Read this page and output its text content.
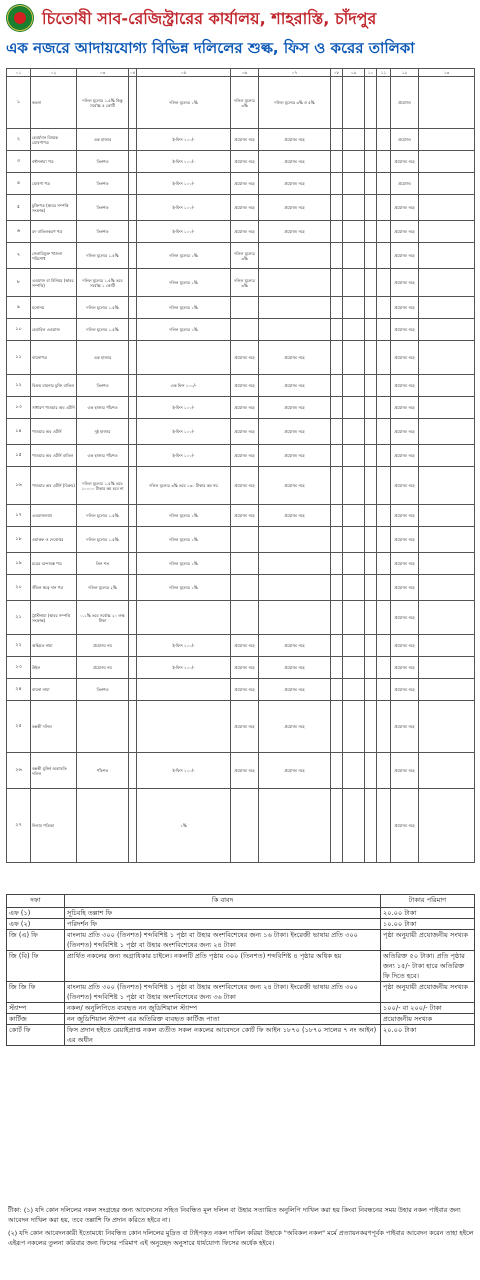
চিতোষী সাব-রেজিস্ট্রারের কার্যালয়, শাহরাস্তি, চাঁদপুর
এক নজরে আদায়যোগ্য বিভিন্ন দলিলের শুল্ক, ফিস ও করের তালিকা
০১	০২	০৩	০৪	০৫	০৬	০৭	০৮	০৯	১০	১১	১২	১৩
১	কবলা	দলিল মূল্যের ১.৫% কিন্তু সর্বোচ্চ ৫ কোটি		দলিল মূল্যের ১%	দলিল মূল্যের ৩%	দলিল মূল্যের ৩% ও ৫%					প্রযোজ্য	
২	হেবা/দান বিষয়ক ঘোষণাপত্র	এক হাজার		ই-ফিস ১০০/-	প্রযোজ্য নহে	প্রযোজ্য নহে					প্রযোজ্য	
৩	বন্টননামা পত্র	তিনশত		ই-ফিস ১০০/-	প্রযোজ্য নহে	প্রযোজ্য নহে					প্রযোজ্য নহে	
৪	ঘোষণা পত্র	তিনশত		ই-ফিস ১০০/-	প্রযোজ্য নহে	প্রযোজ্য নহে					প্রযোজ্য	
৫	চুক্তিপত্র (স্থাবর সম্পত্তি সংক্রান্ত)	তিনশত		ই-ফিস ১০০/-	প্রযোজ্য নহে	প্রযোজ্য নহে					প্রযোজ্য নহে	
৬	রদ বাতিলকরণ পত্র	তিনশত		ই-ফিস ১০০/-	প্রযোজ্য নহে	প্রযোজ্য নহে					প্রযোজ্য নহে	
৭	সেলামিযুক্ত খাজনা পরিশোধ	দলিল মূল্যের ১.৫%		দলিল মূল্যের ১%	দলিল মূল্যের ৩%						প্রযোজ্য নহে	
৮	এওয়াজ বা বিনিময় (স্থাবর সম্পত্তি)	দলিল মূল্যের ১.৫% তবে সর্বোচ্চ ১ কোটি		দলিল মূল্যের ১%	দলিল মূল্যের ৩%						প্রযোজ্য নহে	
৯	মনোনয়	দলিল মূল্যের ১.৫%		দলিল মূল্যের ১%							প্রযোজ্য নহে	
১০	হেবাবিল এওয়াজ	দলিল মূল্যের ১.৫%		দলিল মূল্যের ১%							প্রযোজ্য নহে	
১১	বায়নাপত্র	এক হাজার			প্রযোজ্য নহে	প্রযোজ্য নহে					প্রযোজ্য নহে	
১২	বিক্রয় বায়নার চুক্তি বাতিল	তিনশত		এক ফিস ১০০/-	প্রযোজ্য নহে	প্রযোজ্য নহে					প্রযোজ্য নহে	
১৩	সাধারণ পাওয়ার অব এটর্নি	এক হাজার পাঁচশত		ই-ফিস ১০০/-	প্রযোজ্য নহে	প্রযোজ্য নহে					প্রযোজ্য নহে	
১৪	পাওয়ার অব এটর্নি	দুই হাজার		ই-ফিস ১০০/-	প্রযোজ্য নহে	প্রযোজ্য নহে					প্রযোজ্য নহে	
১৫	পাওয়ার অব এটর্নি বাতিল	এক হাজার পাঁচশত		ই-ফিস ১০০/-	প্রযোজ্য নহে	প্রযোজ্য নহে					প্রযোজ্য নহে	
১৬	পাওয়ার অব এটর্নি (বিক্রয়)	দলিল মূল্যের ১.৫% তবে ১০০০০ টাকার কম হবে না		দলিল মূল্যের ৩% তবে ১৩০ টাকার কম নয়	প্রযোজ্য নহে	প্রযোজ্য নহে					প্রযোজ্য নহে	
১৭	এওয়াজনামা	দলিল মূল্যের ১.৫%		দলিল মূল্যের ১%	প্রযোজ্য নহে	প্রযোজ্য নহে					প্রযোজ্য নহে	
১৮	ওয়াকফ ও দেবোত্তর	দলিল মূল্যের ১.৫%		দলিল মূল্যের ১%							প্রযোজ্য নহে	
১৯	চরের বন্দোবস্ত পত্র	তিন শত		দলিল মূল্যের ১%							প্রযোজ্য নহে	
২০	জীবন স্বত্বে দান পত্র	দলিল মূল্যের ২%		দলিল মূল্যের ১%							প্রযোজ্য নহে	
২১	ট্রাস্টনামা (স্থাবর সম্পত্তি সংক্রান্ত)	০.১% তবে সর্বোচ্চ ২০ লক্ষ টাকা									প্রযোজ্য নহে	
২২	অছিয়ত নামা	প্রযোজ্য নয়		ই-ফিস ১০০/-	প্রযোজ্য নহে	প্রযোজ্য নহে					প্রযোজ্য নহে	
২৩	উইল	প্রযোজ্য নয়		ই-ফিস ১০০/-	প্রযোজ্য নহে	প্রযোজ্য নহে					প্রযোজ্য নহে	
২৪	বায়না নামা	তিনশত			প্রযোজ্য নহে	প্রযোজ্য নহে					প্রযোজ্য নহে	
২৫	বন্ধকী দলিল				প্রযোজ্য নহে	প্রযোজ্য নহে					প্রযোজ্য নহে	
২৬	বন্ধকী মুক্তি/ অব্যাহতি দলিল	পাঁচশত		ই-ফিস ১০০/-	প্রযোজ্য নহে	প্রযোজ্য নহে					প্রযোজ্য নহে	
২৭	নিলাম পত্রিকা			১%							প্রযোজ্য নহে	
দফা	কি বাবদ	টাকার পরিমাণ
এফ (১)	সূচিবহি তল্লাশ ফি	২০.০০ টাকা
এফ (২)	পরিদর্শন ফি	১০.০০ টাকা
জি (এ) ফি	বাংলায় প্রতি ৩০০ (তিনশত) শব্দবিশিষ্ট ১ পৃষ্ঠা বা উহার অংশবিশেষের জন্য ১৬ টাকা। ইংরেজী ভাষায় প্রতি ৩০০ (তিনশত) শব্দবিশিষ্ট ১ পৃষ্ঠা বা উহার অংশবিশেষের জন্য ২৪ টাকা	পৃষ্ঠা অনুযায়ী প্রযোজনীয় সংখ্যক
জি (বি) ফি	প্রার্থিত নকলের জন্য অগ্রাধিকার চাইলে। নকলটি প্রতি পৃষ্ঠায় ৩০০ (তিনশত) শব্দবিশিষ্ট ৪ পৃষ্ঠার অধিক হয়	অতিরিক্ত ৫০ টাকা। প্রতি পৃষ্ঠার জন্য ১৫/- টাকা হারে অতিরিক্ত ফি দিতে হবে।
জি জি ফি	বাংলায় প্রতি ৩০০ (তিনশত) শব্দবিশিষ্ট ১ পৃষ্ঠা বা উহার অংশবিশেষের জন্য ২৪ টাকা। ইংরেজী ভাষায় প্রতি ৩০০ (তিনশত) শব্দবিশিষ্ট ১ পৃষ্ঠা বা উহার অংশবিশেষের জন্য ৩৬ টাকা	পৃষ্ঠা অনুযায়ী প্রযোজনীয় সংখ্যক
স্ট্যাম্প	নকল/ অনুলিপিতে ব্যবহৃত নন জুডিশিয়াল স্ট্যাম্প	১০০/- বা ২০০/- টাকা
কার্টিজ	নন জুডিশিয়াল স্ট্যাম্প এর অতিরিক্ত ব্যবহৃত কার্টিজ পাতা	প্রয়োজনীয় সংখ্যক
কোর্ট ফি	ফিস প্রদান হইতে রেয়াইপ্রাপ্ত নকল ব্যতীত সকল নকলের আবেদনে কোর্ট ফি আইন ১৮৭০ (১৮৭০ সালের ৭ নং আইন) এর অধীন	২০.০০ টাকা

টীকা: (১) যদি কোন দলিলের নকল সংগ্রহের জন্য আবেদনের সহিত নিবন্ধিত মূল দলিল বা উহার সত্যায়িত অনুলিপি দাখিল করা হয় কিংবা নিবন্ধনের সময় উহার নকল পাইবার জন্য আবেদন দাখিল করা হয়, তবে তল্লাশি ফি প্রদান করিতে হইবে না।

(২) যদি কোন আবেদনকারী ইতোমধ্যে নিবন্ধিত কোন দলিলের মুদ্রিত বা টাইপকৃত নকল দাখিল করিয়া উহাকে "অবিকল নকল" মর্মে প্রত্যায়নকরণপূর্বক পাইবার আবেদন করেন তাহা হইলে এইরূপ নকলের তুলনা করিবার জন্য ফিসের পরিমাণ এই অনুচ্ছেদ অনুসারে ধার্যযোগ্য ফিসের অর্ধেক হইবে।
